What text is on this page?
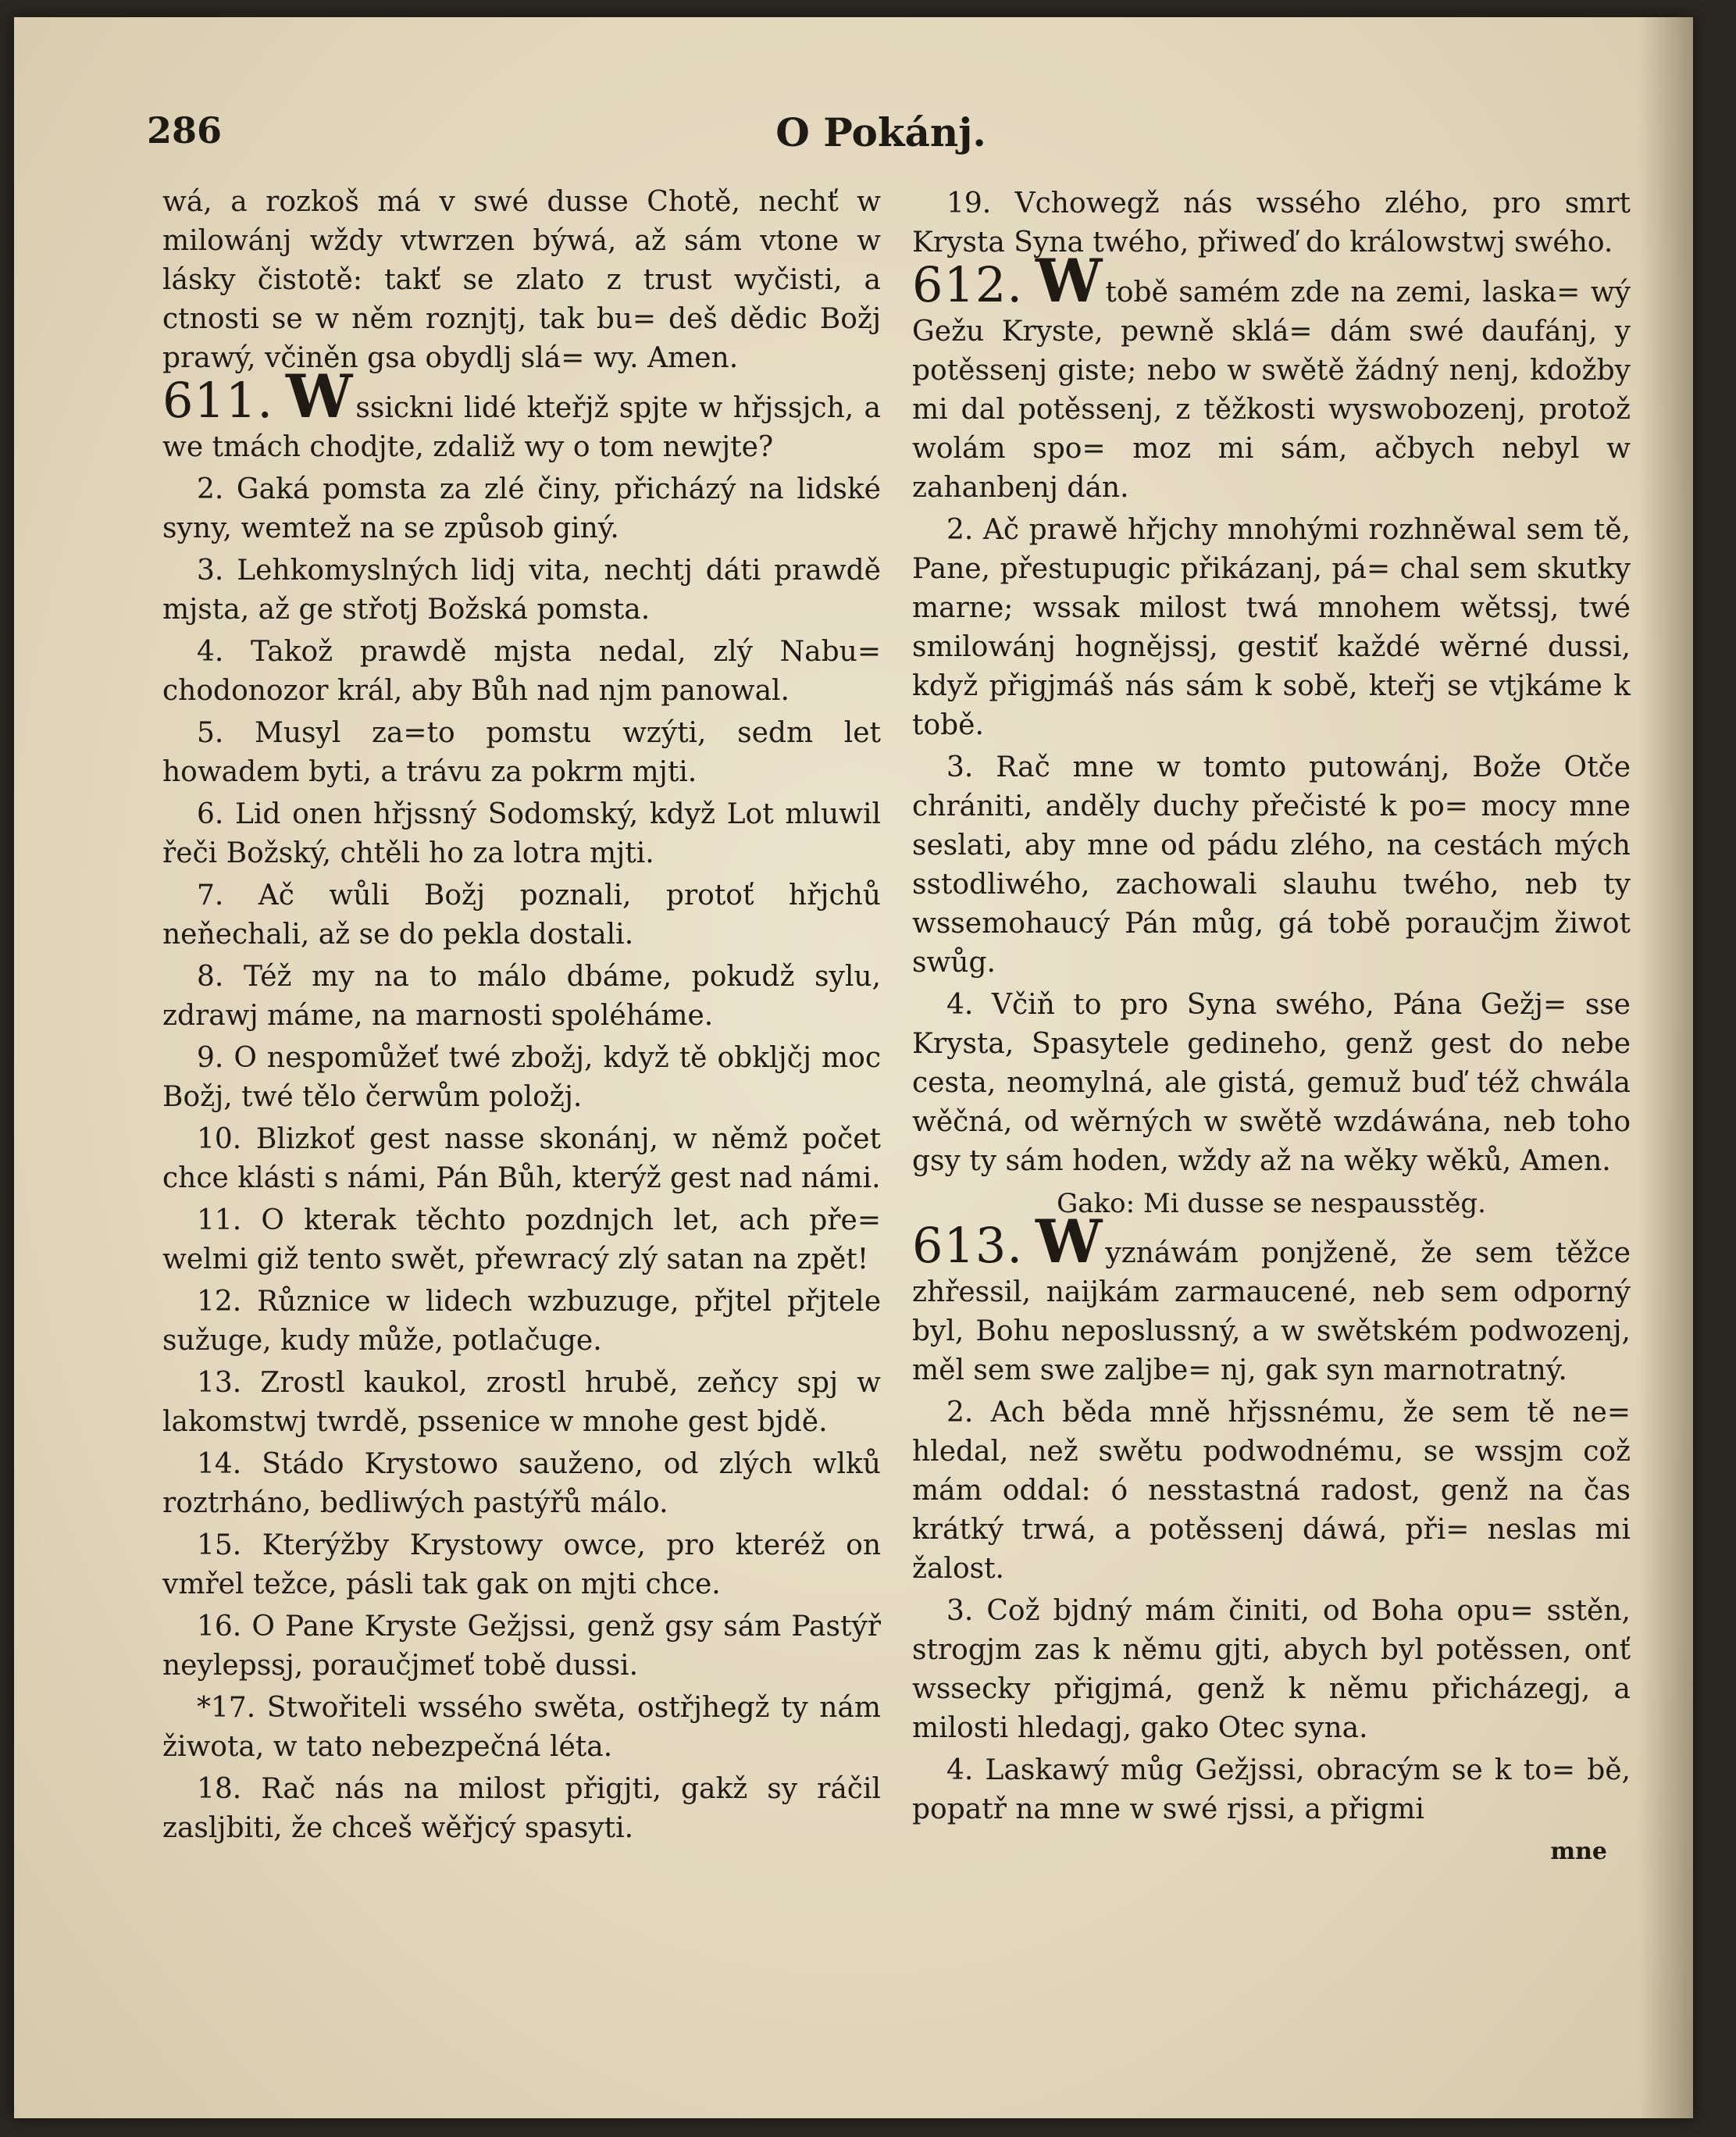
286	O Pokánj.

wá, a rozkoš má v swé dusse Chotě, nechť w milowánj wždy vtwrzen býwá, až sám vtone w lásky čistotě: takť se zlato z trust wyčisti, a ctnosti se w něm roznjtj, tak bu= deš dědic Božj prawý, včiněn gsa obydlj slá= wy. Amen.

611. W ssickni lidé kteřjž spjte w hřjssjch, a we tmách chodjte, zdaliž wy o tom newjte?

2. Gaká pomsta za zlé činy, přicházý na lidské syny, wemtež na se způsob giný.

3. Lehkomyslných lidj vita, nechtj dáti prawdě mjsta, až ge střotj Božská pomsta.

4. Takož prawdě mjsta nedal, zlý Nabu= chodonozor král, aby Bůh nad njm panowal.

5. Musyl za=to pomstu wzýti, sedm let howadem byti, a trávu za pokrm mjti.

6. Lid onen hřjssný Sodomský, když Lot mluwil řeči Božský, chtěli ho za lotra mjti.

7. Ač wůli Božj poznali, protoť hřjchů neňechali, až se do pekla dostali.

8. Též my na to málo dbáme, pokudž sylu, zdrawj máme, na marnosti spoléháme.

9. O nespomůžeť twé zbožj, když tě obkljčj moc Božj, twé tělo čerwům položj.

10. Blizkoť gest nasse skonánj, w němž počet chce klásti s námi, Pán Bůh, kterýž gest nad námi.

11. O kterak těchto pozdnjch let, ach pře= welmi giž tento swět, přewracý zlý satan na zpět!

12. Různice w lidech wzbuzuge, přjtel přjtele sužuge, kudy může, potlačuge.

13. Zrostl kaukol, zrostl hrubě, zeňcy spj w lakomstwj twrdě, pssenice w mnohe gest bjdě.

14. Stádo Krystowo sauženo, od zlých wlků roztrháno, bedliwých pastýřů málo.

15. Kterýžby Krystowy owce, pro kteréž on vmřel težce, pásli tak gak on mjti chce.

16. O Pane Kryste Gežjssi, genž gsy sám Pastýř neylepssj, poraučjmeť tobě dussi.

*17. Stwořiteli wssého swěta, ostřjhegž ty nám žiwota, w tato nebezpečná léta.

18. Rač nás na milost přigjti, gakž sy ráčil zasljbiti, že chceš wěřjcý spasyti.

19. Vchowegž nás wssého zlého, pro smrt Krysta Syna twého, přiweď do králowstwj swého.

612. W tobě samém zde na zemi, laska= wý Gežu Kryste, pewně sklá= dám swé daufánj, y potěssenj giste; nebo w swětě žádný nenj, kdožby mi dal potěssenj, z těžkosti wyswobozenj, protož wolám spo= moz mi sám, ačbych nebyl w zahanbenj dán.

2. Ač prawě hřjchy mnohými rozhněwal sem tě, Pane, přestupugic přikázanj, pá= chal sem skutky marne; wssak milost twá mnohem wětssj, twé smilowánj hognějssj, gestiť každé wěrné dussi, když přigjmáš nás sám k sobě, kteřj se vtjkáme k tobě.

3. Rač mne w tomto putowánj, Bože Otče chrániti, anděly duchy přečisté k po= mocy mne seslati, aby mne od pádu zlého, na cestách mých sstodliwého, zachowali slauhu twého, neb ty wssemohaucý Pán můg, gá tobě poraučjm žiwot swůg.

4. Včiň to pro Syna swého, Pána Gežj= sse Krysta, Spasytele gedineho, genž gest do nebe cesta, neomylná, ale gistá, gemuž buď též chwála wěčná, od wěrných w swětě wzdáwána, neb toho gsy ty sám hoden, wždy až na wěky wěků, Amen.

Gako: Mi dusse se nespausstěg.

613. W yznáwám ponjženě, že sem těžce zhřessil, naijkám zarmaucené, neb sem odporný byl, Bohu neposlussný, a w swětském podwozenj, měl sem swe zaljbe= nj, gak syn marnotratný.

2. Ach běda mně hřjssnému, že sem tě ne= hledal, než swětu podwodnému, se wssjm což mám oddal: ó nesstastná radost, genž na čas krátký trwá, a potěssenj dáwá, při= neslas mi žalost.

3. Což bjdný mám činiti, od Boha opu= sstěn, strogjm zas k němu gjti, abych byl potěssen, onť wssecky přigjmá, genž k němu přicházegj, a milosti hledagj, gako Otec syna.

4. Laskawý můg Gežjssi, obracým se k to= bě, popatř na mne w swé rjssi, a přigmi

mne
